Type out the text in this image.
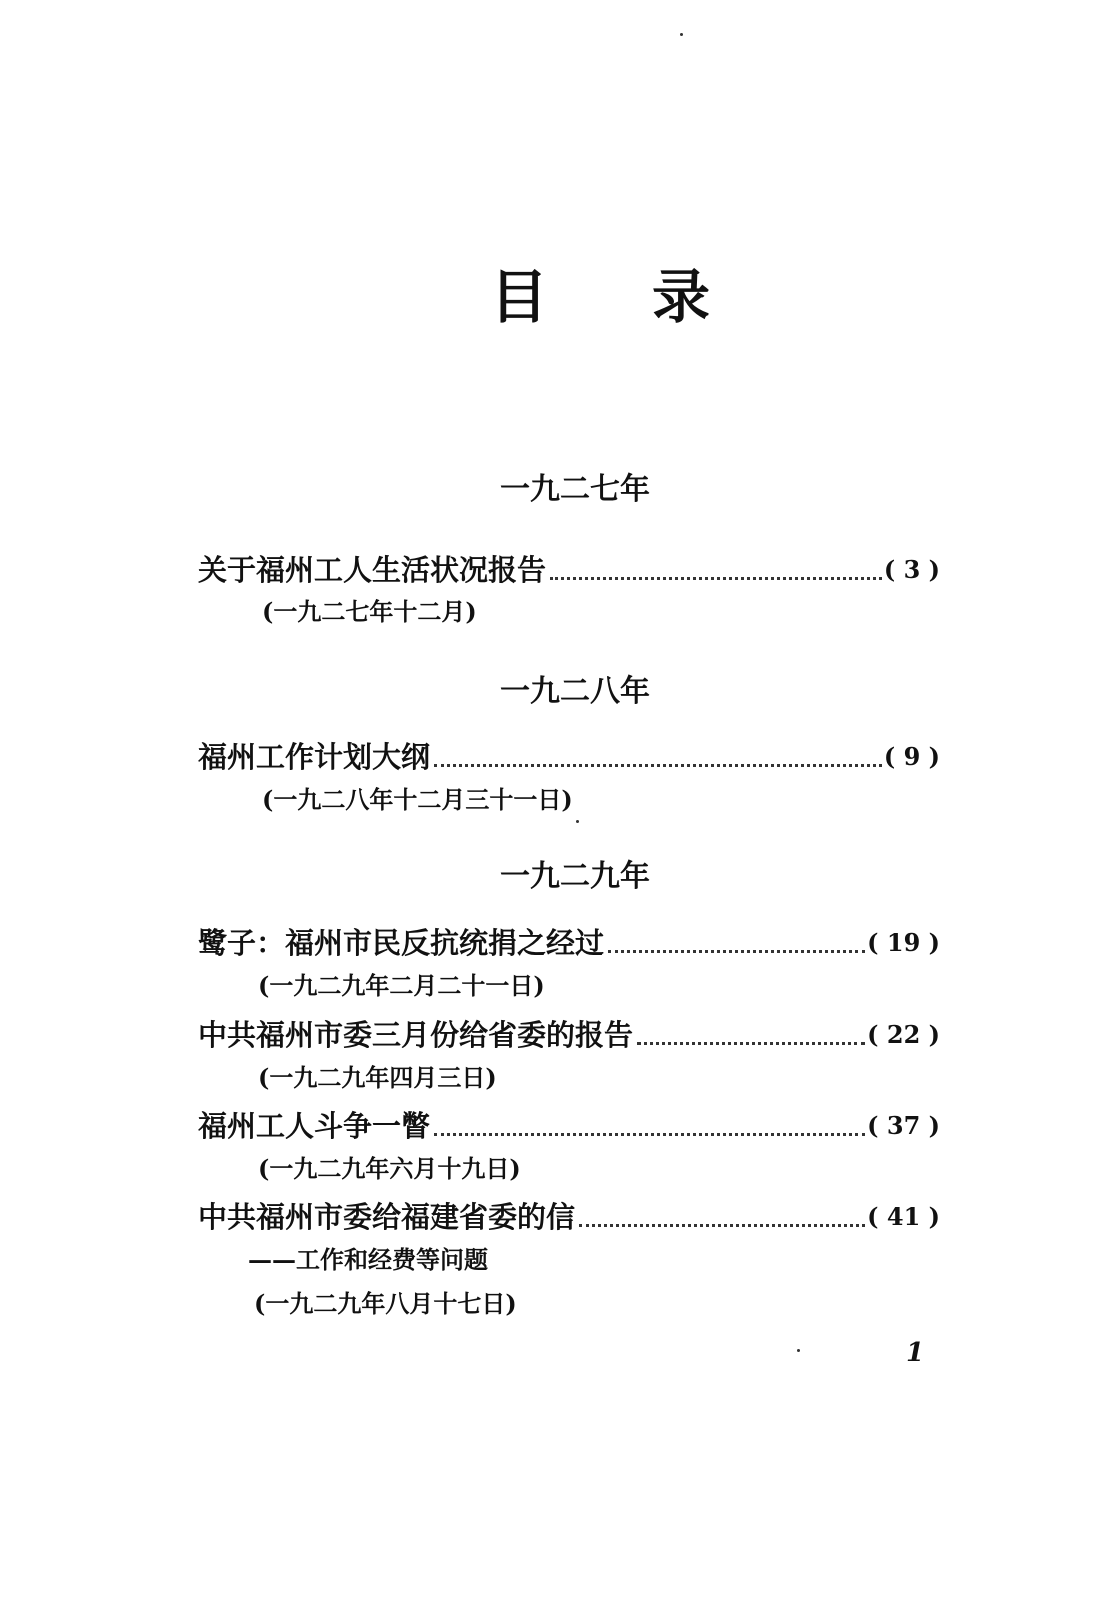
目 录
一九二七年
关于福州工人生活状况报告	( 3 )
(一九二七年十二月)
一九二八年
福州工作计划大纲	( 9 )
(一九二八年十二月三十一日)
一九二九年
鹭子：福州市民反抗统捐之经过	( 19 )
(一九二九年二月二十一日)
中共福州市委三月份给省委的报告	( 22 )
(一九二九年四月三日)
福州工人斗争一瞥	( 37 )
(一九二九年六月十九日)
中共福州市委给福建省委的信	( 41 )
——工作和经费等问题
(一九二九年八月十七日)
1
